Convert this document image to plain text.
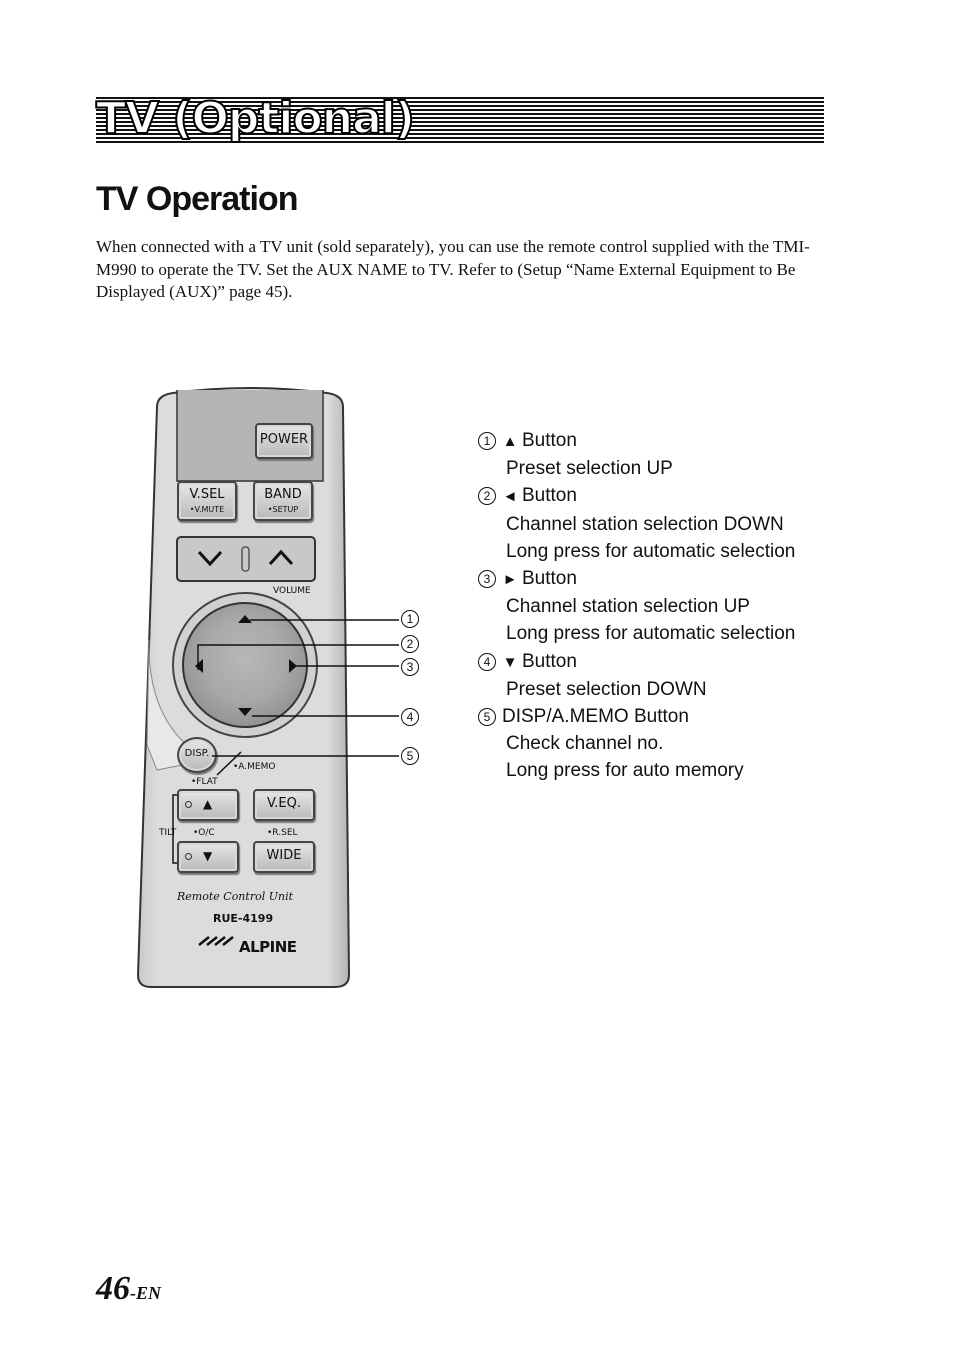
TV (Optional)
TV Operation

When connected with a TV unit (sold separately), you can use the remote control supplied with the TMI-M990 to operate the TV. Set the AUX NAME to TV. Refer to (Setup “Name External Equipment to Be Displayed (AUX)” page 45).

POWER
V.SEL
•V.MUTE
BAND
•SETUP
VOLUME
DISP.
•A.MEMO
•FLAT
▲	V.EQ.
TILT •O/C	•R.SEL
▼	WIDE
Remote Control Unit
RUE-4199
ALPINE
1
2
3
4
5
1 ▲ Button
Preset selection UP
2 ◄ Button
Channel station selection DOWN
Long press for automatic selection
3 ► Button
Channel station selection UP
Long press for automatic selection
4 ▼ Button
Preset selection DOWN
5 DISP/A.MEMO Button
Check channel no.
Long press for auto memory
46-EN
